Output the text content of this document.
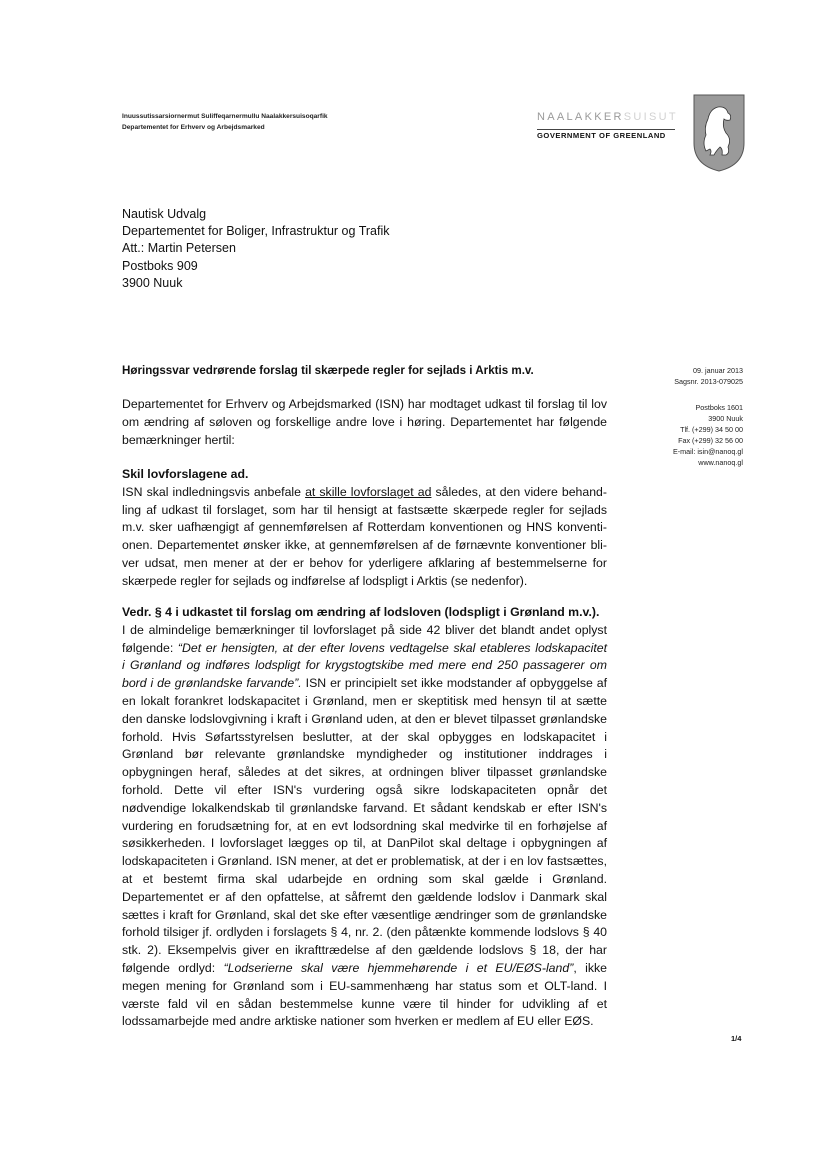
Inuussutissarsiornermut Suliffeqarnermullu Naalakkersuisoqarfik
Departementet for Erhverv og Arbejdsmarked
NAALAKKERSUISUT
GOVERNMENT OF GREENLAND
Nautisk Udvalg
Departementet for Boliger, Infrastruktur og Trafik
Att.: Martin Petersen
Postboks 909
3900 Nuuk
09. januar 2013
Sagsnr. 2013-079025
Postboks 1601
3900 Nuuk
Tlf. (+299) 34 50 00
Fax (+299) 32 56 00
E-mail: isin@nanoq.gl
www.nanoq.gl
Høringssvar vedrørende forslag til skærpede regler for sejlads i Arktis m.v.

Departementet for Erhverv og Arbejdsmarked (ISN) har modtaget udkast til forslag til lov
om ændring af søloven og forskellige andre love i høring. Departementet har følgende
bemærkninger hertil:

Skil lovforslagene ad.
ISN skal indledningsvis anbefale at skille lovforslaget ad således, at den videre behand-
ling af udkast til forslaget, som har til hensigt at fastsætte skærpede regler for sejlads
m.v. sker uafhængigt af gennemførelsen af Rotterdam konventionen og HNS konventi-
onen. Departementet ønsker ikke, at gennemførelsen af de førnævnte konventioner bli-
ver udsat, men mener at der er behov for yderligere afklaring af bestemmelserne for
skærpede regler for sejlads og indførelse af lodspligt i Arktis (se nedenfor).

Vedr. § 4 i udkastet til forslag om ændring af lodsloven (lodspligt i Grønland m.v.).
I de almindelige bemærkninger til lovforslaget på side 42 bliver det blandt andet oplyst
følgende: “Det er hensigten, at der efter lovens vedtagelse skal etableres lodskapacitet
i Grønland og indføres lodspligt for krygstogtskibe med mere end 250 passagerer om
bord i de grønlandske farvande”. ISN er principielt set ikke modstander af opbyggelse af
en lokalt forankret lodskapacitet i Grønland, men er skeptitisk med hensyn til at sætte
den danske lodslovgivning i kraft i Grønland uden, at den er blevet tilpasset grønlandske
forhold. Hvis Søfartsstyrelsen beslutter, at der skal opbygges en lodskapacitet i
Grønland bør relevante grønlandske myndigheder og institutioner inddrages i
opbygningen heraf, således at det sikres, at ordningen bliver tilpasset grønlandske
forhold. Dette vil efter ISN's vurdering også sikre lodskapaciteten opnår det
nødvendige lokalkendskab til grønlandske farvand. Et sådant kendskab er efter ISN's
vurdering en forudsætning for, at en evt lodsordning skal medvirke til en forhøjelse af
søsikkerheden. I lovforslaget lægges op til, at DanPilot skal deltage i opbygningen af
lodskapaciteten i Grønland. ISN mener, at det er problematisk, at der i en lov fastsættes,
at et bestemt firma skal udarbejde en ordning som skal gælde i Grønland.
Departementet er af den opfattelse, at såfremt den gældende lodslov i Danmark skal
sættes i kraft for Grønland, skal det ske efter væsentlige ændringer som de grønlandske
forhold tilsiger jf. ordlyden i forslagets § 4, nr. 2. (den påtænkte kommende lodslovs § 40
stk. 2). Eksempelvis giver en ikrafttrædelse af den gældende lodslovs § 18, der har
følgende ordlyd: “Lodserierne skal være hjemmehørende i et EU/EØS-land”, ikke
megen mening for Grønland som i EU-sammenhæng har status som et OLT-land. I
værste fald vil en sådan bestemmelse kunne være til hinder for udvikling af et
lodssamarbejde med andre arktiske nationer som hverken er medlem af EU eller EØS.

1/4
